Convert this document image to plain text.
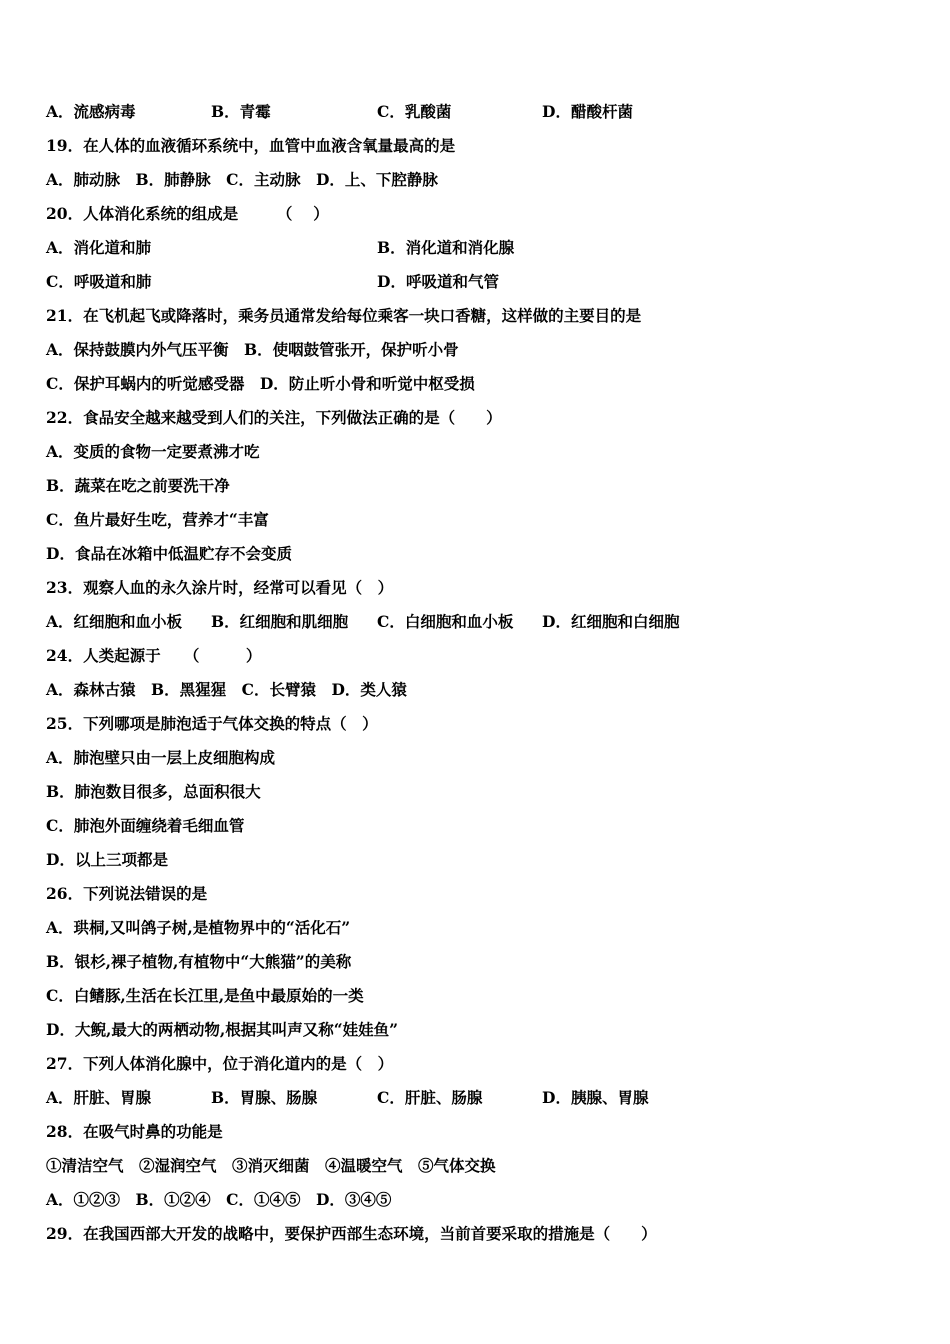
A．流感病毒	B．青霉	C．乳酸菌	D．醋酸杆菌
19．在人体的血液循环系统中，血管中血液含氧量最高的是
A．肺动脉　B．肺静脉　C．主动脉　D．上、下腔静脉
20．人体消化系统的组成是　　　（　 ）
A．消化道和肺	B．消化道和消化腺
C．呼吸道和肺	D．呼吸道和气管
21．在飞机起飞或降落时，乘务员通常发给每位乘客一块口香糖，这样做的主要目的是
A．保持鼓膜内外气压平衡　B．使咽鼓管张开，保护听小骨
C．保护耳蜗内的听觉感受器　D．防止听小骨和听觉中枢受损
22．食品安全越来越受到人们的关注，下列做法正确的是（　　）
A．变质的食物一定要煮沸才吃
B．蔬菜在吃之前要洗干净
C．鱼片最好生吃，营养才“丰富
D．食品在冰箱中低温贮存不会变质
23．观察人血的永久涂片时，经常可以看见（　）
A．红细胞和血小板 B．红细胞和肌细胞 C．白细胞和血小板 D．红细胞和白细胞
24．人类起源于　　（　　　）
A．森林古猿　B．黑猩猩　C．长臂猿　D．类人猿
25．下列哪项是肺泡适于气体交换的特点（　）
A．肺泡壁只由一层上皮细胞构成
B．肺泡数目很多，总面积很大
C．肺泡外面缠绕着毛细血管
D．以上三项都是
26．下列说法错误的是
A．珙桐,又叫鸽子树,是植物界中的“活化石”
B．银杉,裸子植物,有植物中“大熊猫”的美称
C．白鳍豚,生活在长江里,是鱼中最原始的一类
D．大鲵,最大的两栖动物,根据其叫声又称“娃娃鱼”
27．下列人体消化腺中，位于消化道内的是（　）
A．肝脏、胃腺	B．胃腺、肠腺	C．肝脏、肠腺	D．胰腺、胃腺
28．在吸气时鼻的功能是
①清洁空气　②湿润空气　③消灭细菌　④温暖空气　⑤气体交换
A．①②③　B．①②④　C．①④⑤　D．③④⑤
29．在我国西部大开发的战略中，要保护西部生态环境，当前首要采取的措施是（　　）
